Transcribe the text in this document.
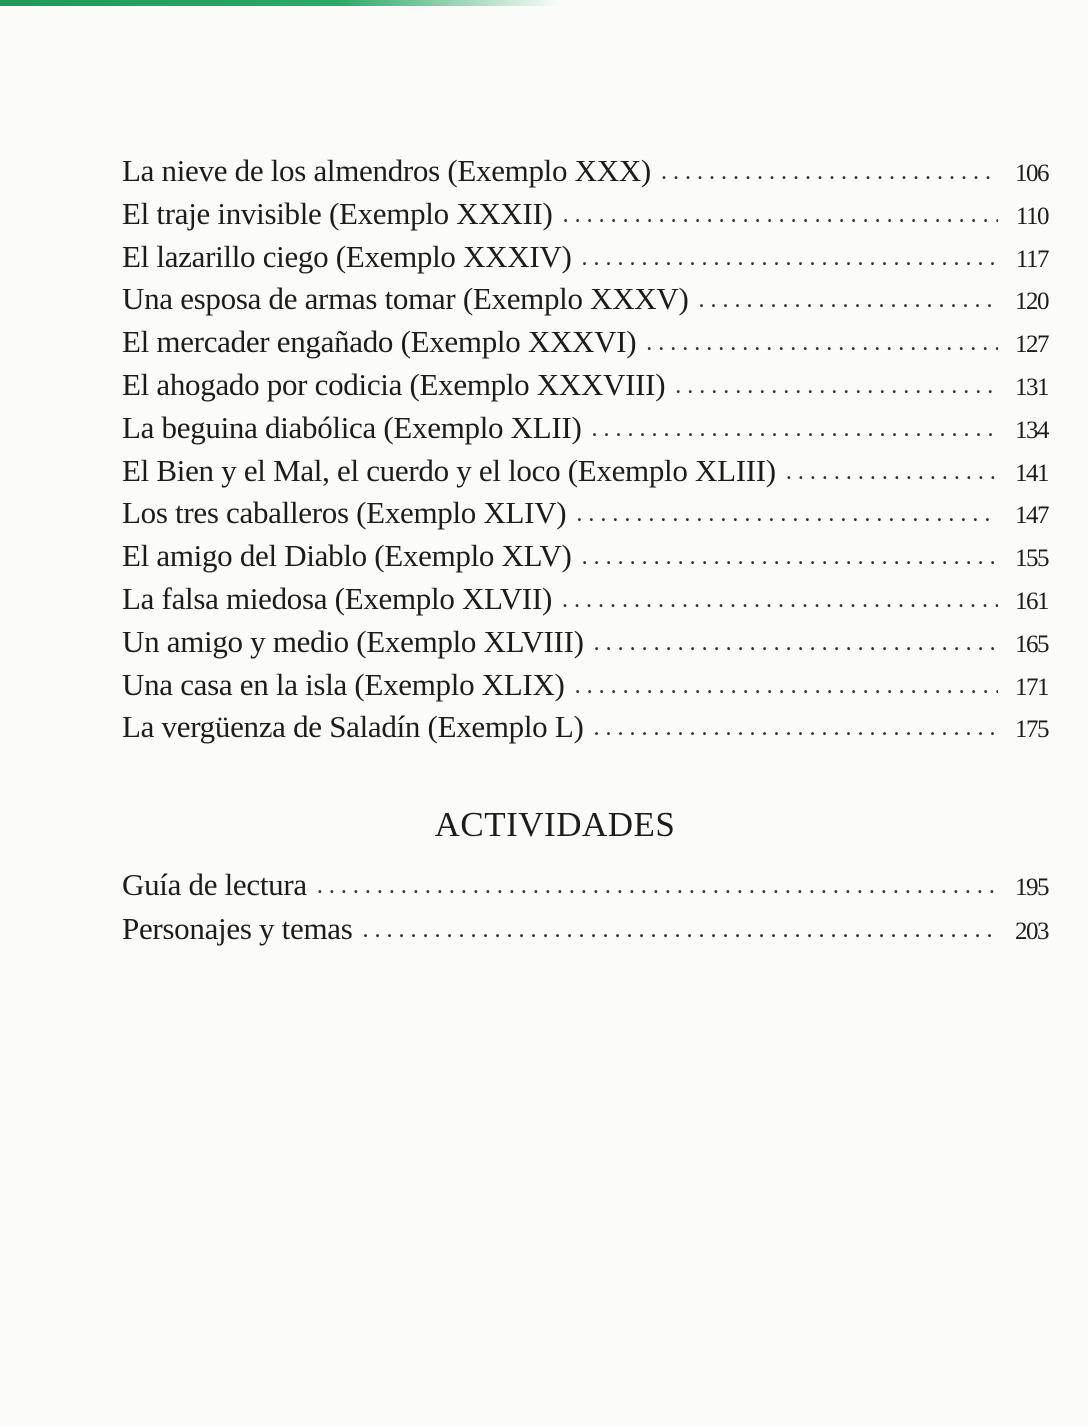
La nieve de los almendros (Exemplo XXX) . . .	106
El traje invisible (Exemplo XXXII) . . .	110
El lazarillo ciego (Exemplo XXXIV) . . .	117
Una esposa de armas tomar (Exemplo XXXV) . . .	120
El mercader engañado (Exemplo XXXVI) . . .	127
El ahogado por codicia (Exemplo XXXVIII) . . .	131
La beguina diabólica (Exemplo XLII) . . .	134
El Bien y el Mal, el cuerdo y el loco (Exemplo XLIII) . . .	141
Los tres caballeros (Exemplo XLIV) . . .	147
El amigo del Diablo (Exemplo XLV) . . .	155
La falsa miedosa (Exemplo XLVII) . . .	161
Un amigo y medio (Exemplo XLVIII) . . .	165
Una casa en la isla (Exemplo XLIX) . . .	171
La vergüenza de Saladín (Exemplo L) . . .	175
ACTIVIDADES
Guía de lectura . . .	195
Personajes y temas . . .	203
